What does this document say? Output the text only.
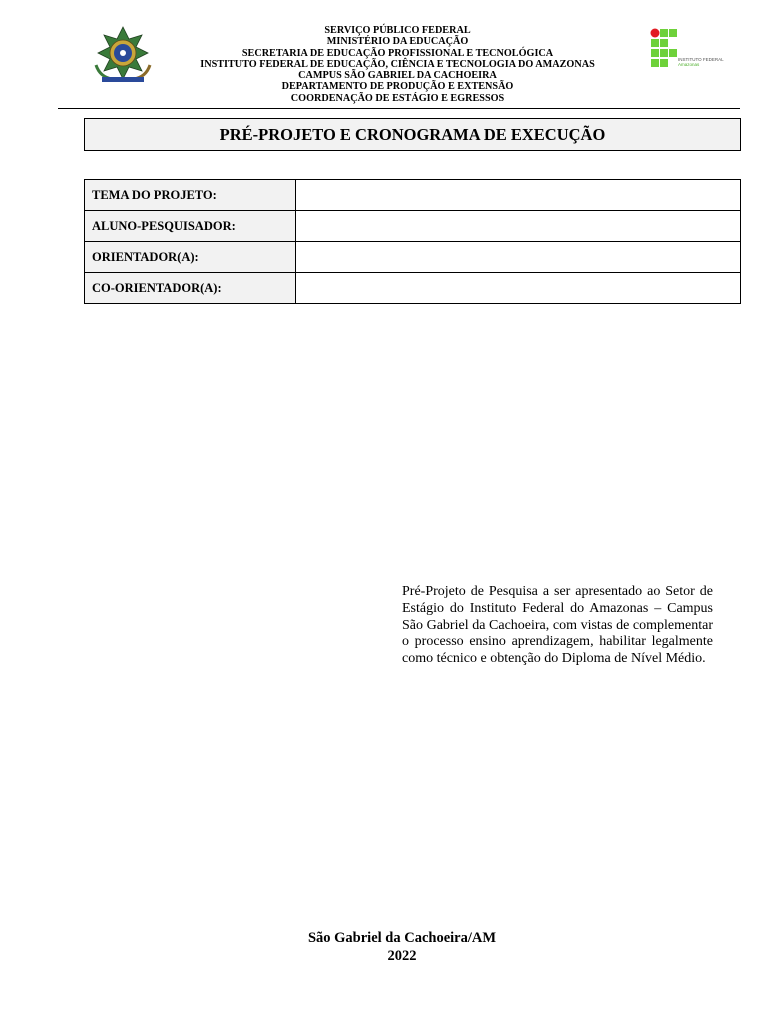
SERVIÇO PÚBLICO FEDERAL
MINISTÉRIO DA EDUCAÇÃO
SECRETARIA DE EDUCAÇÃO PROFISSIONAL E TECNOLÓGICA
INSTITUTO FEDERAL DE EDUCAÇÃO, CIÊNCIA E TECNOLOGIA DO AMAZONAS
CAMPUS SÃO GABRIEL DA CACHOEIRA
DEPARTAMENTO DE PRODUÇÃO E EXTENSÃO
COORDENAÇÃO DE ESTÁGIO E EGRESSOS
INSTITUTO FEDERAL
Amazonas
PRÉ-PROJETO E CRONOGRAMA DE EXECUÇÃO
TEMA DO PROJETO:	
ALUNO-PESQUISADOR:	
ORIENTADOR(A):	
CO-ORIENTADOR(A):	
Pré-Projeto de Pesquisa a ser apresentado ao Setor de Estágio do Instituto Federal do Amazonas – Campus São Gabriel da Cachoeira, com vistas de complementar o processo ensino aprendizagem, habilitar legalmente como técnico e obtenção do Diploma de Nível Médio.
São Gabriel da Cachoeira/AM
2022
